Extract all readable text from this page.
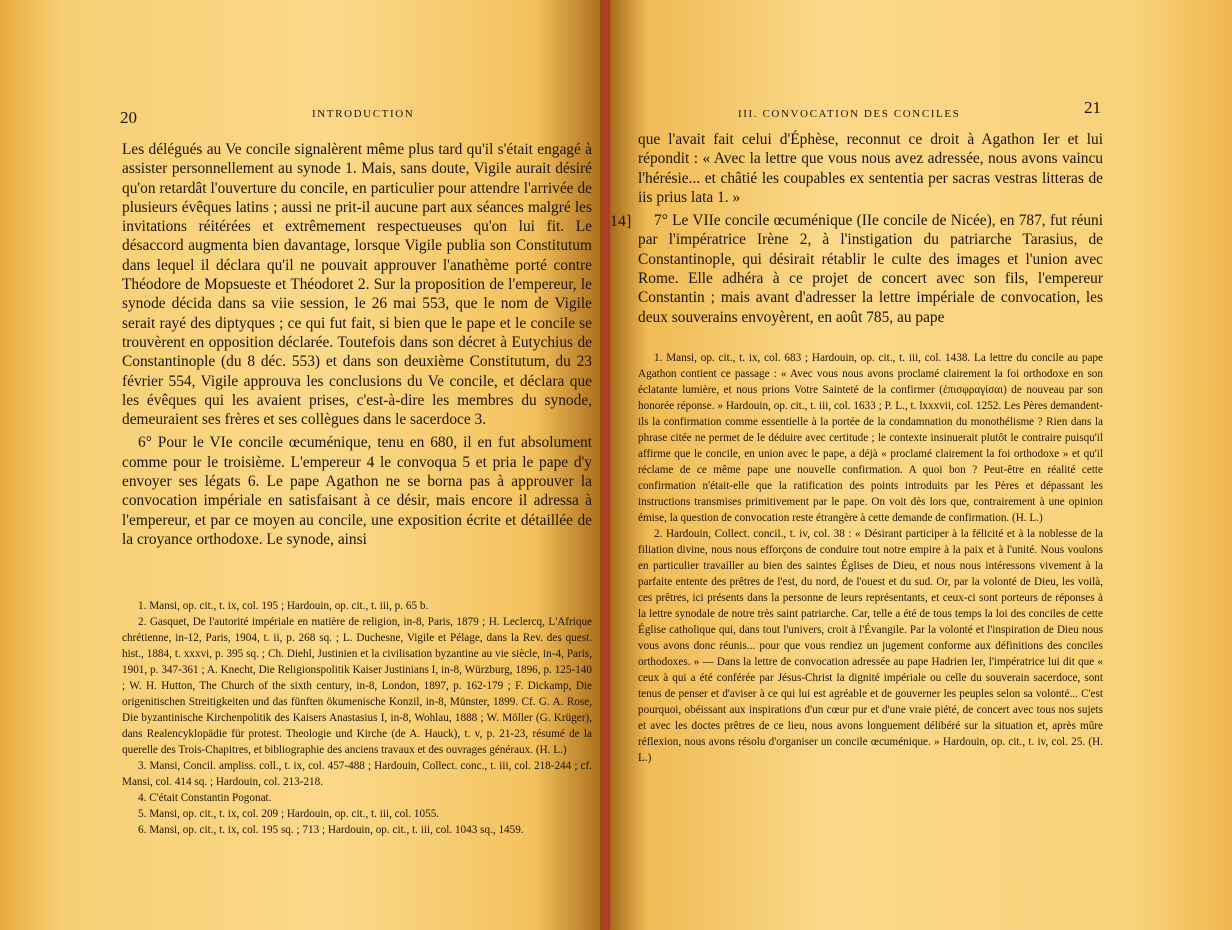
20	INTRODUCTION

Les délégués au Ve concile signalèrent même plus tard qu'il s'était engagé à assister personnellement au synode 1. Mais, sans doute, Vigile aurait désiré qu'on retardât l'ouverture du concile, en particulier pour attendre l'arrivée de plusieurs évêques latins ; aussi ne prit-il aucune part aux séances malgré les invitations réitérées et extrêmement respectueuses qu'on lui fit. Le désaccord augmenta bien davantage, lorsque Vigile publia son Constitutum dans lequel il déclara qu'il ne pouvait approuver l'anathème porté contre Théodore de Mopsueste et Théodoret 2. Sur la proposition de l'empereur, le synode décida dans sa viie session, le 26 mai 553, que le nom de Vigile serait rayé des diptyques ; ce qui fut fait, si bien que le pape et le concile se trouvèrent en opposition déclarée. Toutefois dans son décret à Eutychius de Constantinople (du 8 déc. 553) et dans son deuxième Constitutum, du 23 février 554, Vigile approuva les conclusions du Ve concile, et déclara que les évêques qui les avaient prises, c'est-à-dire les membres du synode, demeuraient ses frères et ses collègues dans le sacerdoce 3.

6° Pour le VIe concile œcuménique, tenu en 680, il en fut absolument comme pour le troisième. L'empereur 4 le convoqua 5 et pria le pape d'y envoyer ses légats 6. Le pape Agathon ne se borna pas à approuver la convocation impériale en satisfaisant à ce désir, mais encore il adressa à l'empereur, et par ce moyen au concile, une exposition écrite et détaillée de la croyance orthodoxe. Le synode, ainsi

1. Mansi, op. cit., t. ix, col. 195 ; Hardouin, op. cit., t. iii, p. 65 b.

2. Gasquet, De l'autorité impériale en matière de religion, in-8, Paris, 1879 ; H. Leclercq, L'Afrique chrétienne, in-12, Paris, 1904, t. ii, p. 268 sq. ; L. Duchesne, Vigile et Pélage, dans la Rev. des quest. hist., 1884, t. xxxvi, p. 395 sq. ; Ch. Diehl, Justinien et la civilisation byzantine au vie siècle, in-4, Paris, 1901, p. 347-361 ; A. Knecht, Die Religionspolitik Kaiser Justinians I, in-8, Würzburg, 1896, p. 125-140 ; W. H. Hutton, The Church of the sixth century, in-8, London, 1897, p. 162-179 ; F. Dickamp, Die origenitischen Streitigkeiten und das fünften ökumenische Konzil, in-8, Münster, 1899. Cf. G. A. Rose, Die byzantinische Kirchenpolitik des Kaisers Anastasius I, in-8, Wohlau, 1888 ; W. Möller (G. Krüger), dans Realencyklopädie für protest. Theologie und Kirche (de A. Hauck), t. v, p. 21-23, résumé de la querelle des Trois-Chapitres, et bibliographie des anciens travaux et des ouvrages généraux. (H. L.)

3. Mansi, Concil. ampliss. coll., t. ix, col. 457-488 ; Hardouin, Collect. conc., t. iii, col. 218-244 ; cf. Mansi, col. 414 sq. ; Hardouin, col. 213-218.

4. C'était Constantin Pogonat.

5. Mansi, op. cit., t. ix, col. 209 ; Hardouin, op. cit., t. iii, col. 1055.

6. Mansi, op. cit., t. ix, col. 195 sq. ; 713 ; Hardouin, op. cit., t. iii, col. 1043 sq., 1459.

14]
III. CONVOCATION DES CONCILES	21

que l'avait fait celui d'Éphèse, reconnut ce droit à Agathon Ier et lui répondit : « Avec la lettre que vous nous avez adressée, nous avons vaincu l'hérésie... et châtié les coupables ex sententia per sacras vestras litteras de iis prius lata 1. »

7° Le VIIe concile œcuménique (IIe concile de Nicée), en 787, fut réuni par l'impératrice Irène 2, à l'instigation du patriarche Tarasius, de Constantinople, qui désirait rétablir le culte des images et l'union avec Rome. Elle adhéra à ce projet de concert avec son fils, l'empereur Constantin ; mais avant d'adresser la lettre impériale de convocation, les deux souverains envoyèrent, en août 785, au pape

1. Mansi, op. cit., t. ix, col. 683 ; Hardouin, op. cit., t. iii, col. 1438. La lettre du concile au pape Agathon contient ce passage : « Avec vous nous avons proclamé clairement la foi orthodoxe en son éclatante lumière, et nous prions Votre Sainteté de la confirmer (ἐπισφραγίσαι) de nouveau par son honorée réponse. » Hardouin, op. cit., t. iii, col. 1633 ; P. L., t. lxxxvii, col. 1252. Les Pères demandent-ils la confirmation comme essentielle à la portée de la condamnation du monothélisme ? Rien dans la phrase citée ne permet de le déduire avec certitude ; le contexte insinuerait plutôt le contraire puisqu'il affirme que le concile, en union avec le pape, a déjà « proclamé clairement la foi orthodoxe » et qu'il réclame de ce même pape une nouvelle confirmation. A quoi bon ? Peut-être en réalité cette confirmation n'était-elle que la ratification des points introduits par les Pères et dépassant les instructions transmises primitivement par le pape. On voit dès lors que, contrairement à une opinion émise, la question de convocation reste étrangère à cette demande de confirmation. (H. L.)

2. Hardouin, Collect. concil., t. iv, col. 38 : « Désirant participer à la félicité et à la noblesse de la filiation divine, nous nous efforçons de conduire tout notre empire à la paix et à l'unité. Nous voulons en particulier travailler au bien des saintes Églises de Dieu, et nous nous intéressons vivement à la parfaite entente des prêtres de l'est, du nord, de l'ouest et du sud. Or, par la volonté de Dieu, les voilà, ces prêtres, ici présents dans la personne de leurs représentants, et ceux-ci sont porteurs de réponses à la lettre synodale de notre très saint patriarche. Car, telle a été de tous temps la loi des conciles de cette Église catholique qui, dans tout l'univers, croit à l'Évangile. Par la volonté et l'inspiration de Dieu nous vous avons donc réunis... pour que vous rendiez un jugement conforme aux définitions des conciles orthodoxes. » — Dans la lettre de convocation adressée au pape Hadrien Ier, l'impératrice lui dit que « ceux à qui a été conférée par Jésus-Christ la dignité impériale ou celle du souverain sacerdoce, sont tenus de penser et d'aviser à ce qui lui est agréable et de gouverner les peuples selon sa volonté... C'est pourquoi, obéissant aux inspirations d'un cœur pur et d'une vraie piété, de concert avec tous nos sujets et avec les doctes prêtres de ce lieu, nous avons longuement délibéré sur la situation et, après mûre réflexion, nous avons résolu d'organiser un concile œcuménique. » Hardouin, op. cit., t. iv, col. 25. (H. L.)
